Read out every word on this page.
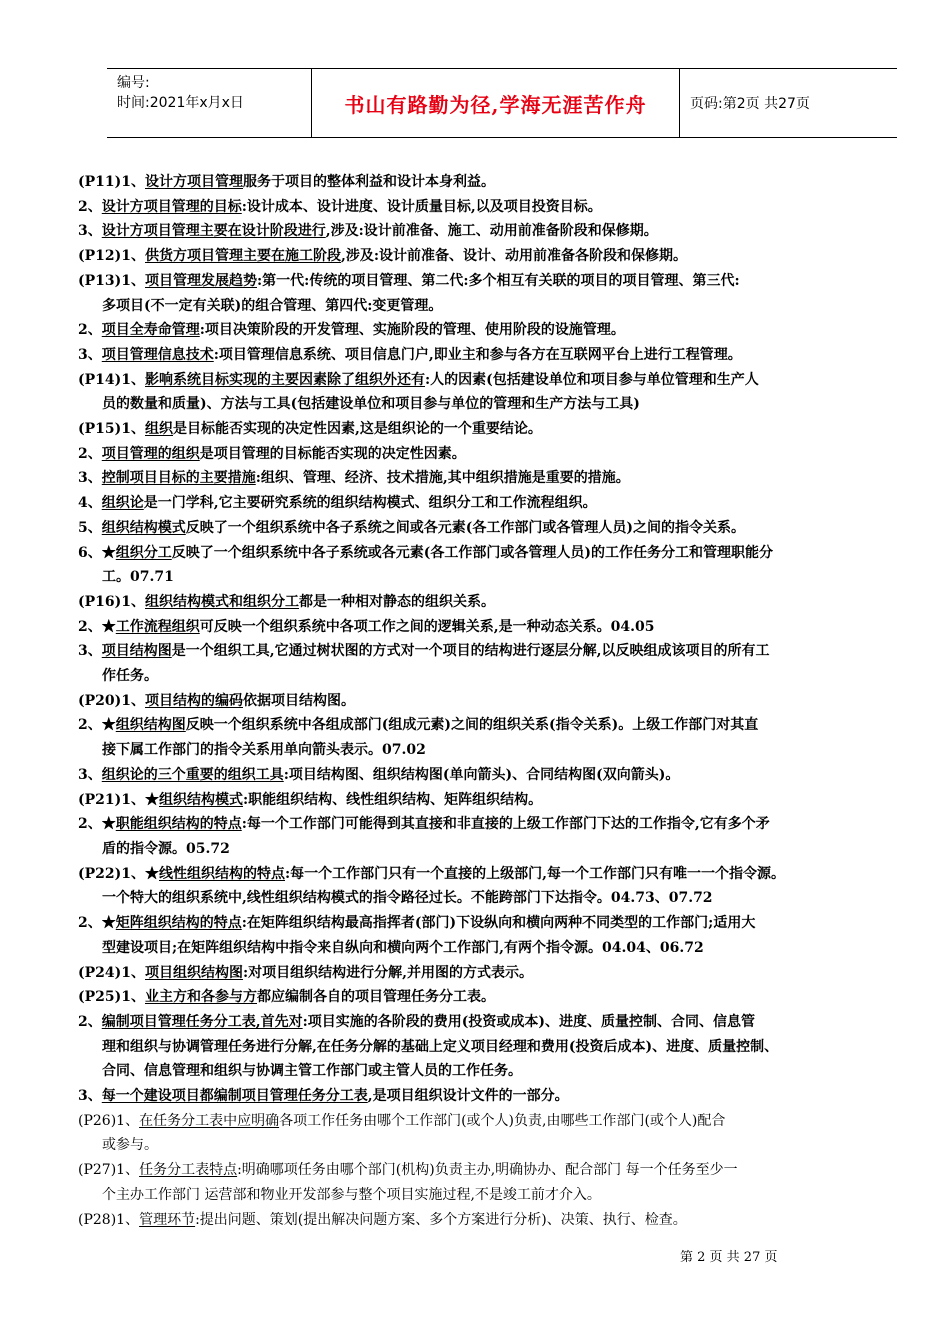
编号:
时间:2021年x月x日	书山有路勤为径,学海无涯苦作舟	页码:第2页 共27页
(P11)1、设计方项目管理服务于项目的整体利益和设计本身利益。
2、设计方项目管理的目标:设计成本、设计进度、设计质量目标,以及项目投资目标。
3、设计方项目管理主要在设计阶段进行,涉及:设计前准备、施工、动用前准备阶段和保修期。
(P12)1、供货方项目管理主要在施工阶段,涉及:设计前准备、设计、动用前准备各阶段和保修期。
(P13)1、项目管理发展趋势:第一代:传统的项目管理、第二代:多个相互有关联的项目的项目管理、第三代:
多项目(不一定有关联)的组合管理、第四代:变更管理。
2、项目全寿命管理:项目决策阶段的开发管理、实施阶段的管理、使用阶段的设施管理。
3、项目管理信息技术:项目管理信息系统、项目信息门户,即业主和参与各方在互联网平台上进行工程管理。
(P14)1、影响系统目标实现的主要因素除了组织外还有:人的因素(包括建设单位和项目参与单位管理和生产人
员的数量和质量)、方法与工具(包括建设单位和项目参与单位的管理和生产方法与工具)
(P15)1、组织是目标能否实现的决定性因素,这是组织论的一个重要结论。
2、项目管理的组织是项目管理的目标能否实现的决定性因素。
3、控制项目目标的主要措施:组织、管理、经济、技术措施,其中组织措施是重要的措施。
4、组织论是一门学科,它主要研究系统的组织结构模式、组织分工和工作流程组织。
5、组织结构模式反映了一个组织系统中各子系统之间或各元素(各工作部门或各管理人员)之间的指令关系。
6、★组织分工反映了一个组织系统中各子系统或各元素(各工作部门或各管理人员)的工作任务分工和管理职能分
工。07.71
(P16)1、组织结构模式和组织分工都是一种相对静态的组织关系。
2、★工作流程组织可反映一个组织系统中各项工作之间的逻辑关系,是一种动态关系。04.05
3、项目结构图是一个组织工具,它通过树状图的方式对一个项目的结构进行逐层分解,以反映组成该项目的所有工
作任务。
(P20)1、项目结构的编码依据项目结构图。
2、★组织结构图反映一个组织系统中各组成部门(组成元素)之间的组织关系(指令关系)。上级工作部门对其直
接下属工作部门的指令关系用单向箭头表示。07.02
3、组织论的三个重要的组织工具:项目结构图、组织结构图(单向箭头)、合同结构图(双向箭头)。
(P21)1、★组织结构模式:职能组织结构、线性组织结构、矩阵组织结构。
2、★职能组织结构的特点:每一个工作部门可能得到其直接和非直接的上级工作部门下达的工作指令,它有多个矛
盾的指令源。05.72
(P22)1、★线性组织结构的特点:每一个工作部门只有一个直接的上级部门,每一个工作部门只有唯一一个指令源。
一个特大的组织系统中,线性组织结构模式的指令路径过长。不能跨部门下达指令。04.73、07.72
2、★矩阵组织结构的特点:在矩阵组织结构最高指挥者(部门)下设纵向和横向两种不同类型的工作部门;适用大
型建设项目;在矩阵组织结构中指令来自纵向和横向两个工作部门,有两个指令源。04.04、06.72
(P24)1、项目组织结构图:对项目组织结构进行分解,并用图的方式表示。
(P25)1、业主方和各参与方都应编制各自的项目管理任务分工表。
2、编制项目管理任务分工表,首先对:项目实施的各阶段的费用(投资或成本)、进度、质量控制、合同、信息管
理和组织与协调管理任务进行分解,在任务分解的基础上定义项目经理和费用(投资后成本)、进度、质量控制、
合同、信息管理和组织与协调主管工作部门或主管人员的工作任务。
3、每一个建设项目都编制项目管理任务分工表,是项目组织设计文件的一部分。
(P26)1、在任务分工表中应明确各项工作任务由哪个工作部门(或个人)负责,由哪些工作部门(或个人)配合
或参与。
(P27)1、任务分工表特点:明确哪项任务由哪个部门(机构)负责主办,明确协办、配合部门 每一个任务至少一
个主办工作部门 运营部和物业开发部参与整个项目实施过程,不是竣工前才介入。
(P28)1、管理环节:提出问题、策划(提出解决问题方案、多个方案进行分析)、决策、执行、检查。
第 2 页 共 27 页
